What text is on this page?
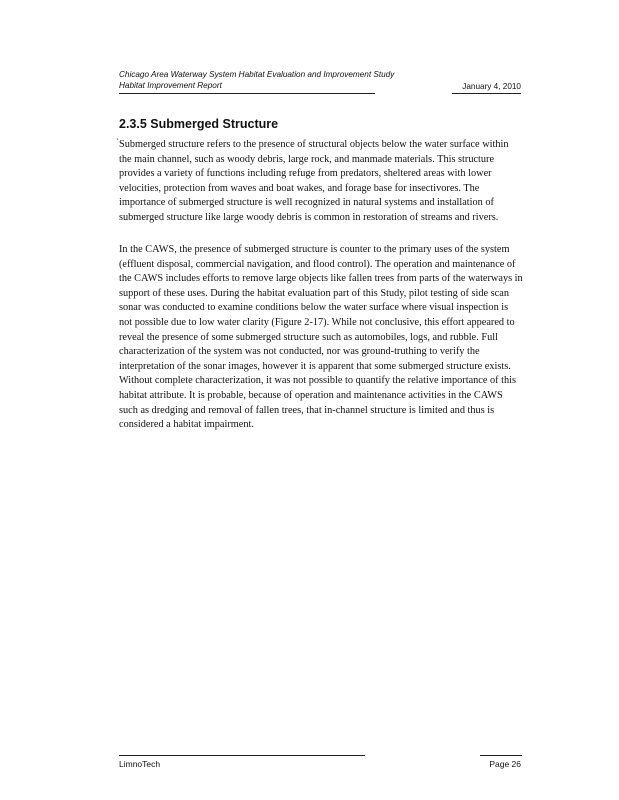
Chicago Area Waterway System Habitat Evaluation and Improvement Study
Habitat Improvement Report	January 4, 2010
2.3.5 Submerged Structure
` Submerged structure refers to the presence of structural objects below the water surface within the main channel, such as woody debris, large rock, and manmade materials. This structure provides a variety of functions including refuge from predators, sheltered areas with lower velocities, protection from waves and boat wakes, and forage base for insectivores. The importance of submerged structure is well recognized in natural systems and installation of submerged structure like large woody debris is common in restoration of streams and rivers.

In the CAWS, the presence of submerged structure is counter to the primary uses of the system (effluent disposal, commercial navigation, and flood control). The operation and maintenance of the CAWS includes efforts to remove large objects like fallen trees from parts of the waterways in support of these uses. During the habitat evaluation part of this Study, pilot testing of side scan sonar was conducted to examine conditions below the water surface where visual inspection is not possible due to low water clarity (Figure 2-17). While not conclusive, this effort appeared to reveal the presence of some submerged structure such as automobiles, logs, and rubble. Full characterization of the system was not conducted, nor was ground-truthing to verify the interpretation of the sonar images, however it is apparent that some submerged structure exists. Without complete characterization, it was not possible to quantify the relative importance of this habitat attribute. It is probable, because of operation and maintenance activities in the CAWS such as dredging and removal of fallen trees, that in-channel structure is limited and thus is considered a habitat impairment.

LimnoTech	Page 26
